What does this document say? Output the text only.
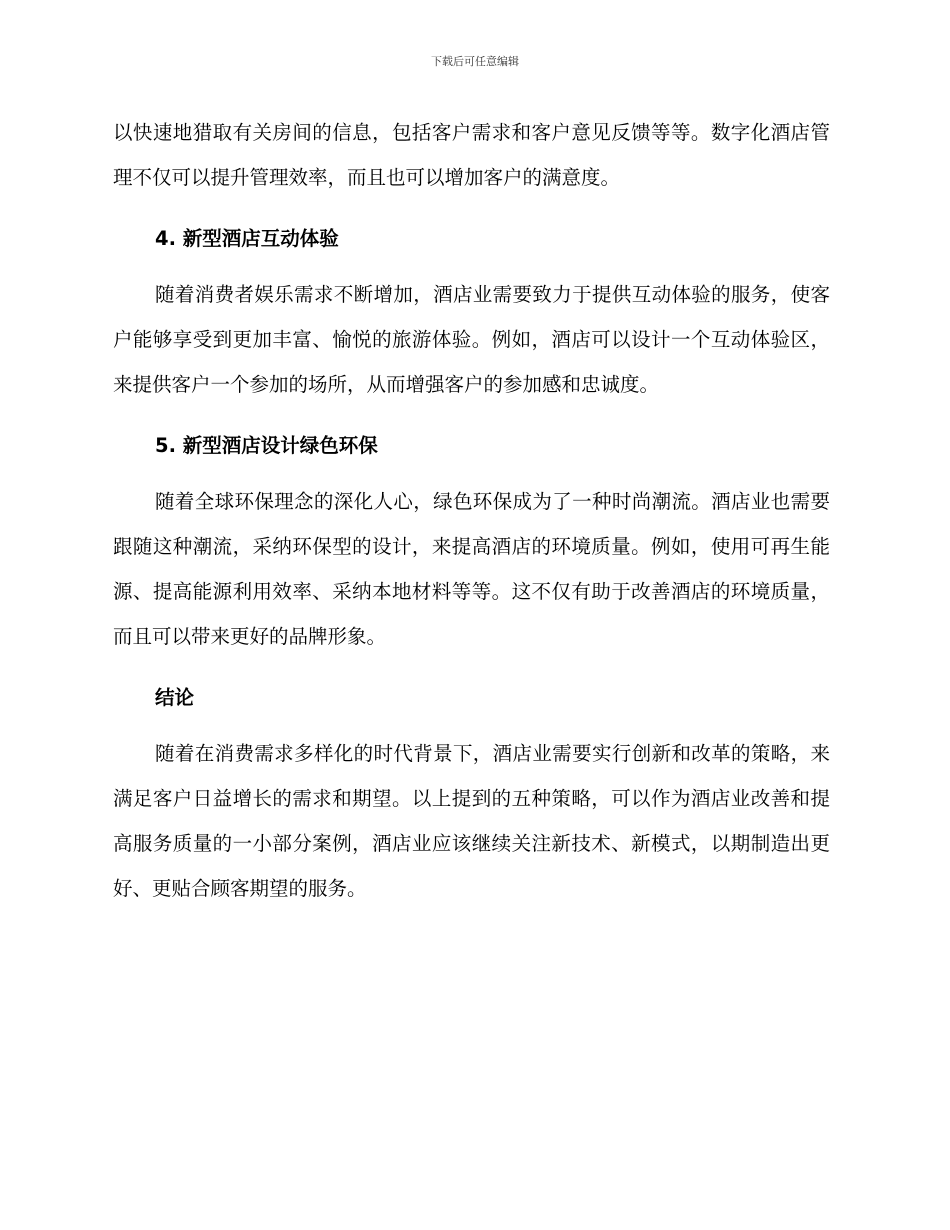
下载后可任意编辑

以快速地猎取有关房间的信息，包括客户需求和客户意见反馈等等。数字化酒店管理不仅可以提升管理效率，而且也可以增加客户的满意度。

4. 新型酒店互动体验

随着消费者娱乐需求不断增加，酒店业需要致力于提供互动体验的服务，使客户能够享受到更加丰富、愉悦的旅游体验。例如，酒店可以设计一个互动体验区，来提供客户一个参加的场所，从而增强客户的参加感和忠诚度。

5. 新型酒店设计绿色环保

随着全球环保理念的深化人心，绿色环保成为了一种时尚潮流。酒店业也需要跟随这种潮流，采纳环保型的设计，来提高酒店的环境质量。例如，使用可再生能源、提高能源利用效率、采纳本地材料等等。这不仅有助于改善酒店的环境质量，而且可以带来更好的品牌形象。

结论

随着在消费需求多样化的时代背景下，酒店业需要实行创新和改革的策略，来满足客户日益增长的需求和期望。以上提到的五种策略，可以作为酒店业改善和提高服务质量的一小部分案例，酒店业应该继续关注新技术、新模式，以期制造出更好、更贴合顾客期望的服务。
